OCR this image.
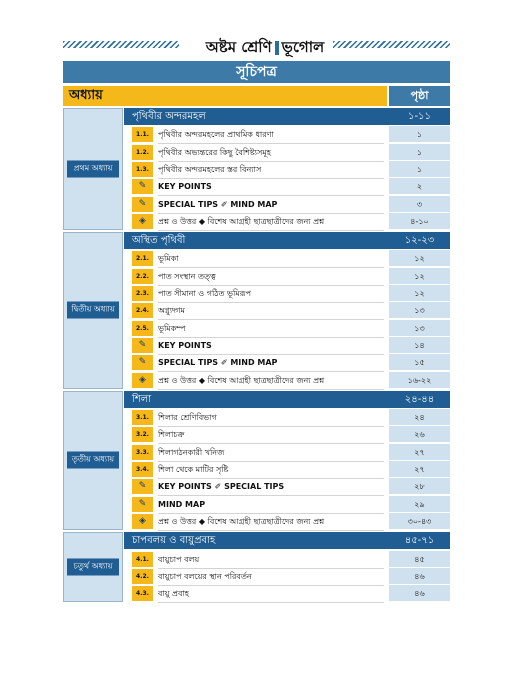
অষ্টম শ্রেণি ভূগোল
সূচিপত্র
অধ্যায়	পৃষ্ঠা
পৃথিবীর অন্দরমহল	১-১১
1.1.	পৃথিবীর অন্দরমহলের প্রাথমিক ধারণা	১
1.2.	পৃথিবীর অভ্যন্তরের কিছু বৈশিষ্ট্যসমূহ	১
1.3.	পৃথিবীর অন্দরমহলের স্তর বিন্যাস	১
✎	KEY POINTS	২
✎	SPECIAL TIPS ✐ MIND MAP	৩
◈	প্রশ্ন ও উত্তর ◆ বিশেষ আগ্রহী ছাত্রছাত্রীদের জন্য প্রশ্ন	৪-১০
প্রথম অধ্যায়
অস্থিত পৃথিবী	১২-২৩
2.1.	ভূমিকা	১২
2.2.	পাত সংস্থান তত্ত্ব	১২
2.3.	পাত সীমানা ও গঠিত ভূমিরূপ	১২
2.4.	অগ্ন্যুদ্গম	১৩
2.5.	ভূমিকম্প	১৩
✎	KEY POINTS	১৪
✎	SPECIAL TIPS ✐ MIND MAP	১৫
◈	প্রশ্ন ও উত্তর ◆ বিশেষ আগ্রহী ছাত্রছাত্রীদের জন্য প্রশ্ন	১৬-২২
দ্বিতীয় অধ্যায়
শিলা	২৪-৪৪
3.1.	শিলার শ্রেণিবিভাগ	২৪
3.2.	শিলাচক্র	২৬
3.3.	শিলাগঠনকারী খনিজ	২৭
3.4.	শিলা থেকে মাটির সৃষ্টি	২৭
✎	KEY POINTS ✐ SPECIAL TIPS	২৮
✎	MIND MAP	২৯
◈	প্রশ্ন ও উত্তর ◆ বিশেষ আগ্রহী ছাত্রছাত্রীদের জন্য প্রশ্ন	৩০-৪৩
তৃতীয় অধ্যায়
চাপবলয় ও বায়ুপ্রবাহ	৪৫-৭১
4.1.	বায়ুচাপ বলয়	৪৫
4.2.	বায়ুচাপ বলয়ের স্থান পরিবর্তন	৪৬
4.3.	বায়ু প্রবাহ	৪৬
চতুর্থ অধ্যায়
